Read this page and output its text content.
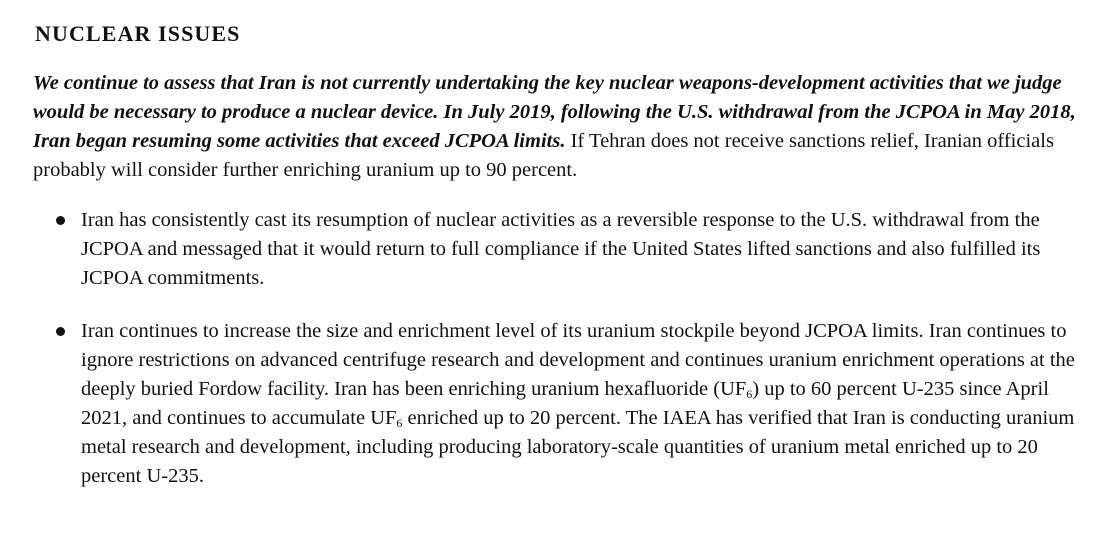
NUCLEAR ISSUES

We continue to assess that Iran is not currently undertaking the key nuclear weapons-development activities that we judge would be necessary to produce a nuclear device. In July 2019, following the U.S. withdrawal from the JCPOA in May 2018, Iran began resuming some activities that exceed JCPOA limits. If Tehran does not receive sanctions relief, Iranian officials probably will consider further enriching uranium up to 90 percent.

Iran has consistently cast its resumption of nuclear activities as a reversible response to the U.S. withdrawal from the JCPOA and messaged that it would return to full compliance if the United States lifted sanctions and also fulfilled its JCPOA commitments.
Iran continues to increase the size and enrichment level of its uranium stockpile beyond JCPOA limits. Iran continues to ignore restrictions on advanced centrifuge research and development and continues uranium enrichment operations at the deeply buried Fordow facility. Iran has been enriching uranium hexafluoride $(UF_6)$ up to 60 percent U-235 since April 2021, and continues to accumulate $UF_6$ enriched up to 20 percent. The IAEA has verified that Iran is conducting uranium metal research and development, including producing laboratory-scale quantities of uranium metal enriched up to 20 percent U-235.
